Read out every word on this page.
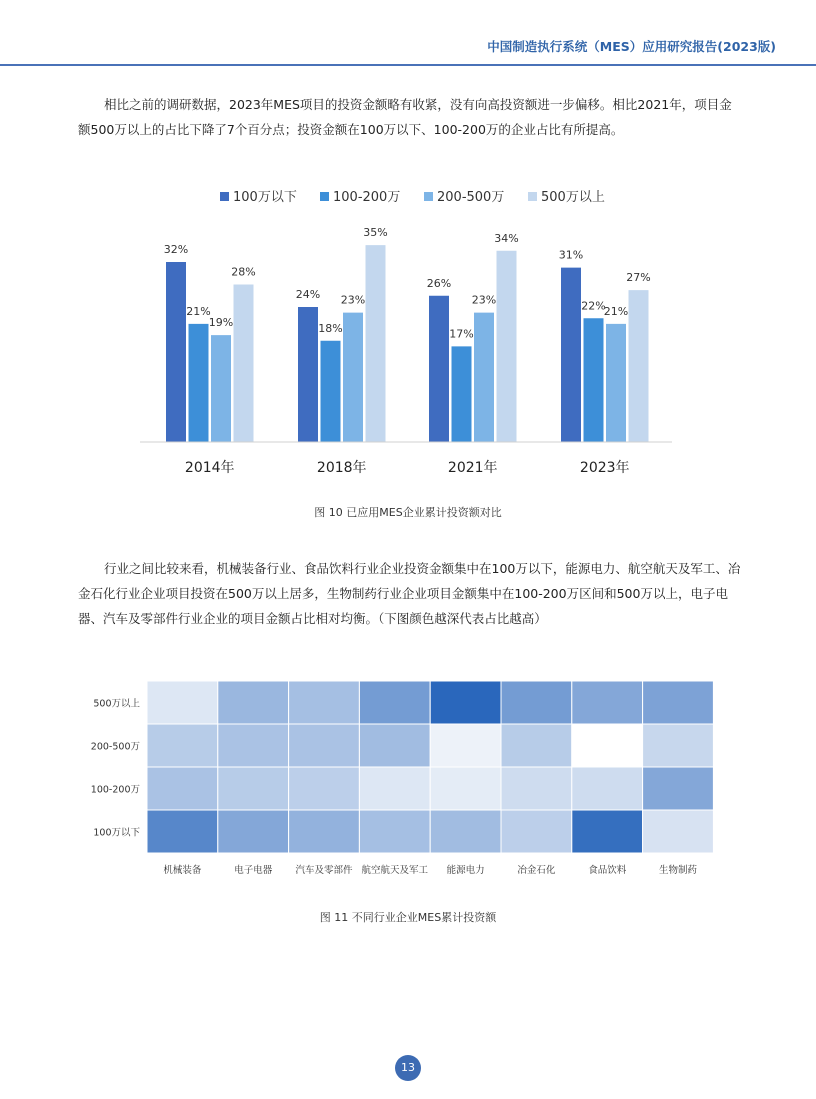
中国制造执行系统（MES）应用研究报告(2023版)

相比之前的调研数据，2023年MES项目的投资金额略有收紧，没有向高投资额进一步偏移。相比2021年，项目金额500万以上的占比下降了7个百分点；投资金额在100万以下、100-200万的企业占比有所提高。

100万以下	100-200万	200-500万	500万以上
32%
21%
19%
28%
24%
18%
23%
35%
26%
17%
23%
34%
31%
22%
21%
27%
2014年	2018年	2021年	2023年
图 10 已应用MES企业累计投资额对比

行业之间比较来看，机械装备行业、食品饮料行业企业投资金额集中在100万以下，能源电力、航空航天及军工、冶金石化行业企业项目投资在500万以上居多，生物制药行业企业项目金额集中在100-200万区间和500万以上，电子电器、汽车及零部件行业企业的项目金额占比相对均衡。（下图颜色越深代表占比越高）

500万以上
200-500万
100-200万
100万以下
机械装备	电子电器 汽车及零部件 航空航天及军工 能源电力	冶金石化	食品饮料	生物制药
图 11 不同行业企业MES累计投资额
13
